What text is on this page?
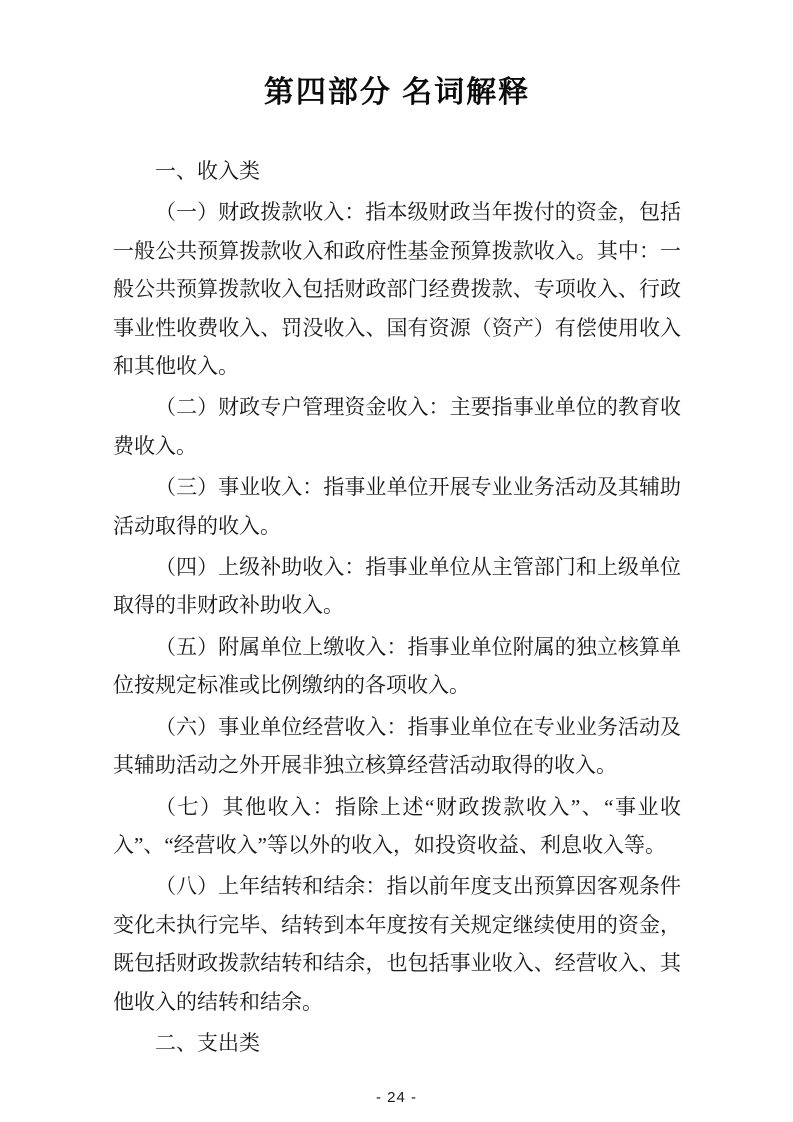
第四部分 名词解释

一、收入类

（一）财政拨款收入：指本级财政当年拨付的资金，包括一般公共预算拨款收入和政府性基金预算拨款收入。其中：一般公共预算拨款收入包括财政部门经费拨款、专项收入、行政事业性收费收入、罚没收入、国有资源（资产）有偿使用收入和其他收入。

（二）财政专户管理资金收入：主要指事业单位的教育收费收入。

（三）事业收入：指事业单位开展专业业务活动及其辅助活动取得的收入。

（四）上级补助收入：指事业单位从主管部门和上级单位取得的非财政补助收入。

（五）附属单位上缴收入：指事业单位附属的独立核算单位按规定标准或比例缴纳的各项收入。

（六）事业单位经营收入：指事业单位在专业业务活动及其辅助活动之外开展非独立核算经营活动取得的收入。

（七）其他收入：指除上述“财政拨款收入”、“事业收入”、“经营收入”等以外的收入，如投资收益、利息收入等。

（八）上年结转和结余：指以前年度支出预算因客观条件变化未执行完毕、结转到本年度按有关规定继续使用的资金，既包括财政拨款结转和结余，也包括事业收入、经营收入、其他收入的结转和结余。

二、支出类

- 24 -
